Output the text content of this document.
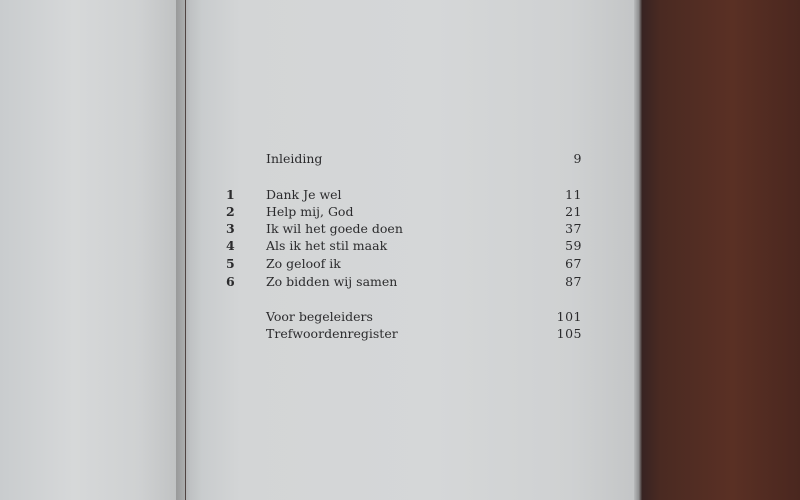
Inleiding	9
1	Dank Je wel	11
2	Help mij, God	21
3	Ik wil het goede doen	37
4	Als ik het stil maak	59
5	Zo geloof ik	67
6	Zo bidden wij samen	87
Voor begeleiders	101
Trefwoordenregister	105
